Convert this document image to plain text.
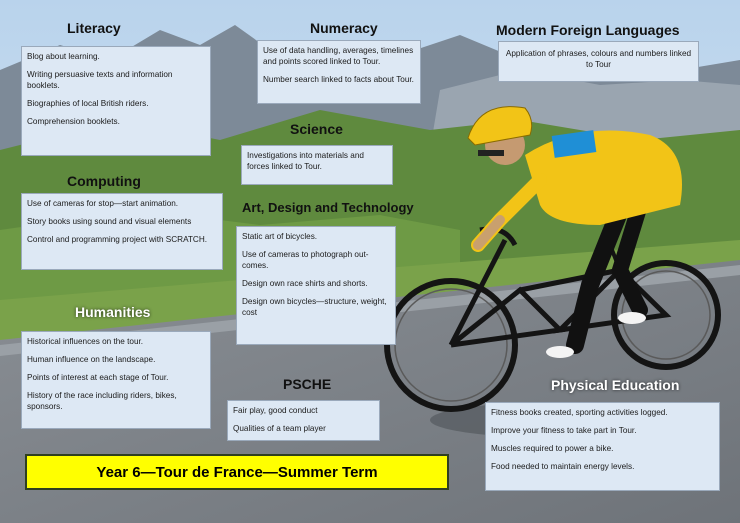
Literacy

Blog about learning.

Writing persuasive texts and information booklets.

Biographies of local British riders.

Comprehension booklets.

Numeracy

Use of data handling, averages, timelines and points scored linked to Tour.

Number search linked to facts about Tour.

Modern Foreign Languages

Application of phrases, colours and numbers linked to Tour

Science

Investigations into materials and forces linked to Tour.

Computing

Use of cameras for stop—start animation.

Story books using sound and visual elements

Control and programming project with SCRATCH.

Art, Design and Technology

Static art of bicycles.

Use of cameras to photograph out-comes.

Design own race shirts and shorts.

Design own bicycles—structure, weight, cost

Humanities

Historical influences on the tour.

Human influence on the landscape.

Points of interest at each stage of Tour.

History of the race including riders, bikes, sponsors.

PSCHE

Fair play, good conduct

Qualities of a team player

Physical Education

Fitness books created, sporting activities logged.

Improve your fitness to take part in Tour.

Muscles required to power a bike.

Food needed to maintain energy levels.

Year 6—Tour de France—Summer Term
